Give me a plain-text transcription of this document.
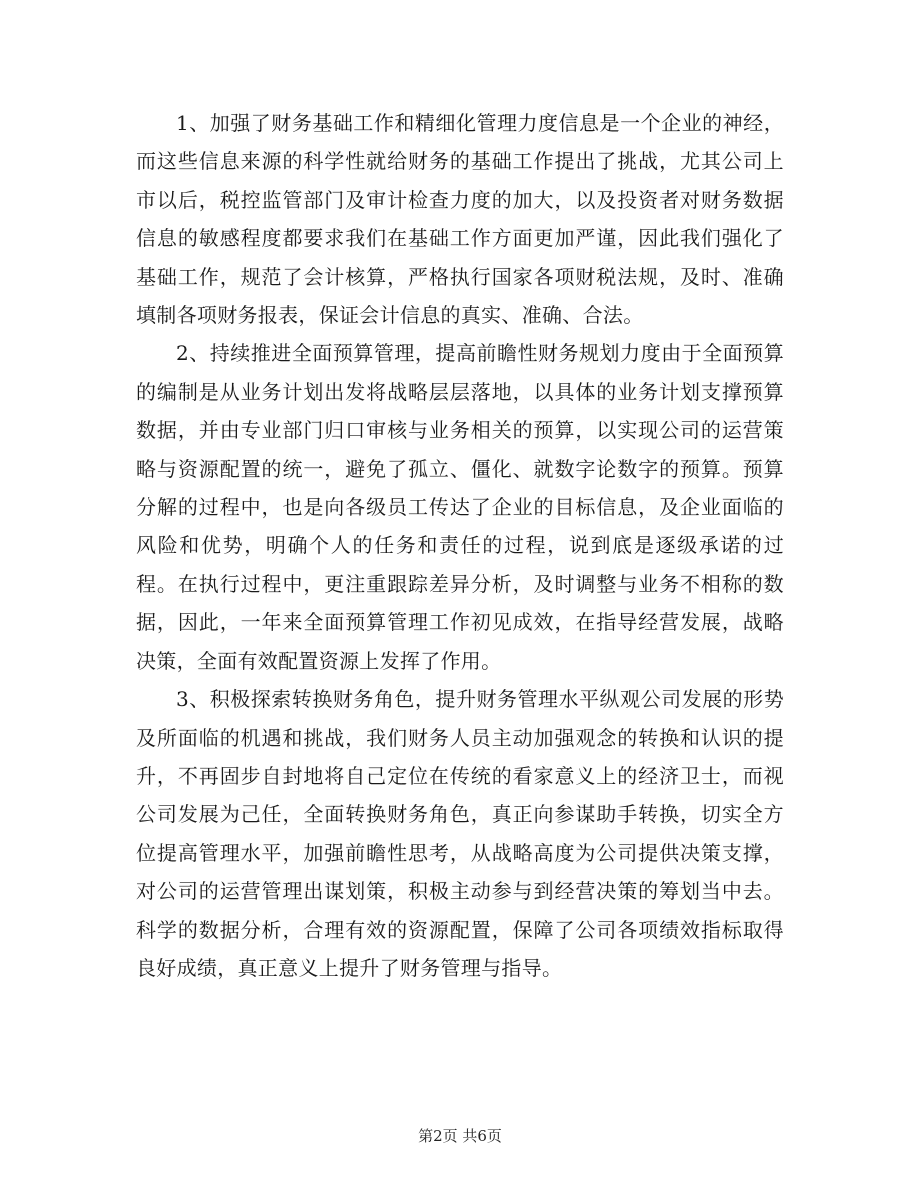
1、加强了财务基础工作和精细化管理力度信息是一个企业的神经，而这些信息来源的科学性就给财务的基础工作提出了挑战，尤其公司上市以后，税控监管部门及审计检查力度的加大，以及投资者对财务数据信息的敏感程度都要求我们在基础工作方面更加严谨，因此我们强化了基础工作，规范了会计核算，严格执行国家各项财税法规，及时、准确填制各项财务报表，保证会计信息的真实、准确、合法。

2、持续推进全面预算管理，提高前瞻性财务规划力度由于全面预算的编制是从业务计划出发将战略层层落地，以具体的业务计划支撑预算数据，并由专业部门归口审核与业务相关的预算，以实现公司的运营策略与资源配置的统一，避免了孤立、僵化、就数字论数字的预算。预算分解的过程中，也是向各级员工传达了企业的目标信息，及企业面临的风险和优势，明确个人的任务和责任的过程，说到底是逐级承诺的过程。在执行过程中，更注重跟踪差异分析，及时调整与业务不相称的数据，因此，一年来全面预算管理工作初见成效，在指导经营发展，战略决策，全面有效配置资源上发挥了作用。

3、积极探索转换财务角色，提升财务管理水平纵观公司发展的形势及所面临的机遇和挑战，我们财务人员主动加强观念的转换和认识的提升，不再固步自封地将自己定位在传统的看家意义上的经济卫士，而视公司发展为己任，全面转换财务角色，真正向参谋助手转换，切实全方位提高管理水平，加强前瞻性思考，从战略高度为公司提供决策支撑，对公司的运营管理出谋划策，积极主动参与到经营决策的筹划当中去。科学的数据分析，合理有效的资源配置，保障了公司各项绩效指标取得良好成绩，真正意义上提升了财务管理与指导。

第2页 共6页
